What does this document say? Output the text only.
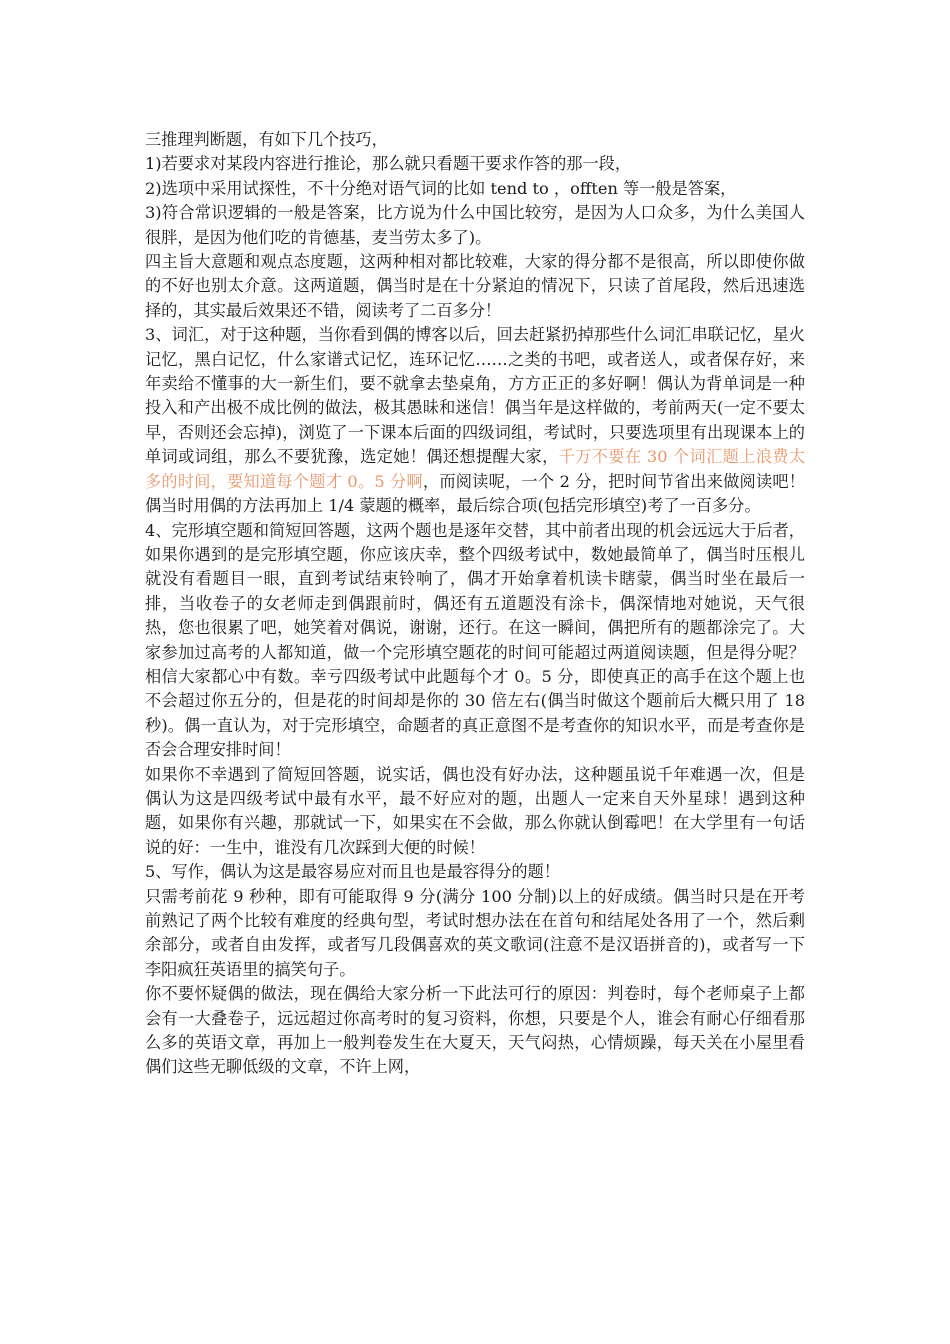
三推理判断题，有如下几个技巧，

1)若要求对某段内容进行推论，那么就只看题干要求作答的那一段，

2)选项中采用试探性，不十分绝对语气词的比如 tend to ，offten 等一般是答案，

3)符合常识逻辑的一般是答案，比方说为什么中国比较穷，是因为人口众多，为什么美国人很胖，是因为他们吃的肯德基，麦当劳太多了)。

四主旨大意题和观点态度题，这两种相对都比较难，大家的得分都不是很高，所以即使你做的不好也别太介意。这两道题，偶当时是在十分紧迫的情况下，只读了首尾段，然后迅速选择的，其实最后效果还不错，阅读考了二百多分！

3、词汇，对于这种题，当你看到偶的博客以后，回去赶紧扔掉那些什么词汇串联记忆，星火记忆，黑白记忆，什么家谱式记忆，连环记忆……之类的书吧，或者送人，或者保存好，来年卖给不懂事的大一新生们，要不就拿去垫桌角，方方正正的多好啊！偶认为背单词是一种投入和产出极不成比例的做法，极其愚昧和迷信！偶当年是这样做的，考前两天(一定不要太早，否则还会忘掉)，浏览了一下课本后面的四级词组，考试时，只要选项里有出现课本上的单词或词组，那么不要犹豫，选定她！偶还想提醒大家，千万不要在 30 个词汇题上浪费太多的时间，要知道每个题才 0。5 分啊，而阅读呢，一个 2 分，把时间节省出来做阅读吧！偶当时用偶的方法再加上 1/4 蒙题的概率，最后综合项(包括完形填空)考了一百多分。

4、完形填空题和简短回答题，这两个题也是逐年交替，其中前者出现的机会远远大于后者，如果你遇到的是完形填空题，你应该庆幸，整个四级考试中，数她最简单了，偶当时压根儿就没有看题目一眼，直到考试结束铃响了，偶才开始拿着机读卡瞎蒙，偶当时坐在最后一排，当收卷子的女老师走到偶跟前时，偶还有五道题没有涂卡，偶深情地对她说，天气很热，您也很累了吧，她笑着对偶说，谢谢，还行。在这一瞬间，偶把所有的题都涂完了。大家参加过高考的人都知道，做一个完形填空题花的时间可能超过两道阅读题，但是得分呢？相信大家都心中有数。幸亏四级考试中此题每个才 0。5 分，即使真正的高手在这个题上也不会超过你五分的，但是花的时间却是你的 30 倍左右(偶当时做这个题前后大概只用了 18 秒)。偶一直认为，对于完形填空，命题者的真正意图不是考查你的知识水平，而是考查你是否会合理安排时间！

如果你不幸遇到了简短回答题，说实话，偶也没有好办法，这种题虽说千年难遇一次，但是偶认为这是四级考试中最有水平，最不好应对的题，出题人一定来自天外星球！遇到这种题，如果你有兴趣，那就试一下，如果实在不会做，那么你就认倒霉吧！在大学里有一句话说的好：一生中，谁没有几次踩到大便的时候！

5、写作，偶认为这是最容易应对而且也是最容得分的题！

只需考前花 9 秒种，即有可能取得 9 分(满分 100 分制)以上的好成绩。偶当时只是在开考前熟记了两个比较有难度的经典句型，考试时想办法在在首句和结尾处各用了一个，然后剩余部分，或者自由发挥，或者写几段偶喜欢的英文歌词(注意不是汉语拼音的)，或者写一下李阳疯狂英语里的搞笑句子。

你不要怀疑偶的做法，现在偶给大家分析一下此法可行的原因：判卷时，每个老师桌子上都会有一大叠卷子，远远超过你高考时的复习资料，你想，只要是个人，谁会有耐心仔细看那么多的英语文章，再加上一般判卷发生在大夏天，天气闷热，心情烦躁，每天关在小屋里看偶们这些无聊低级的文章，不许上网，
